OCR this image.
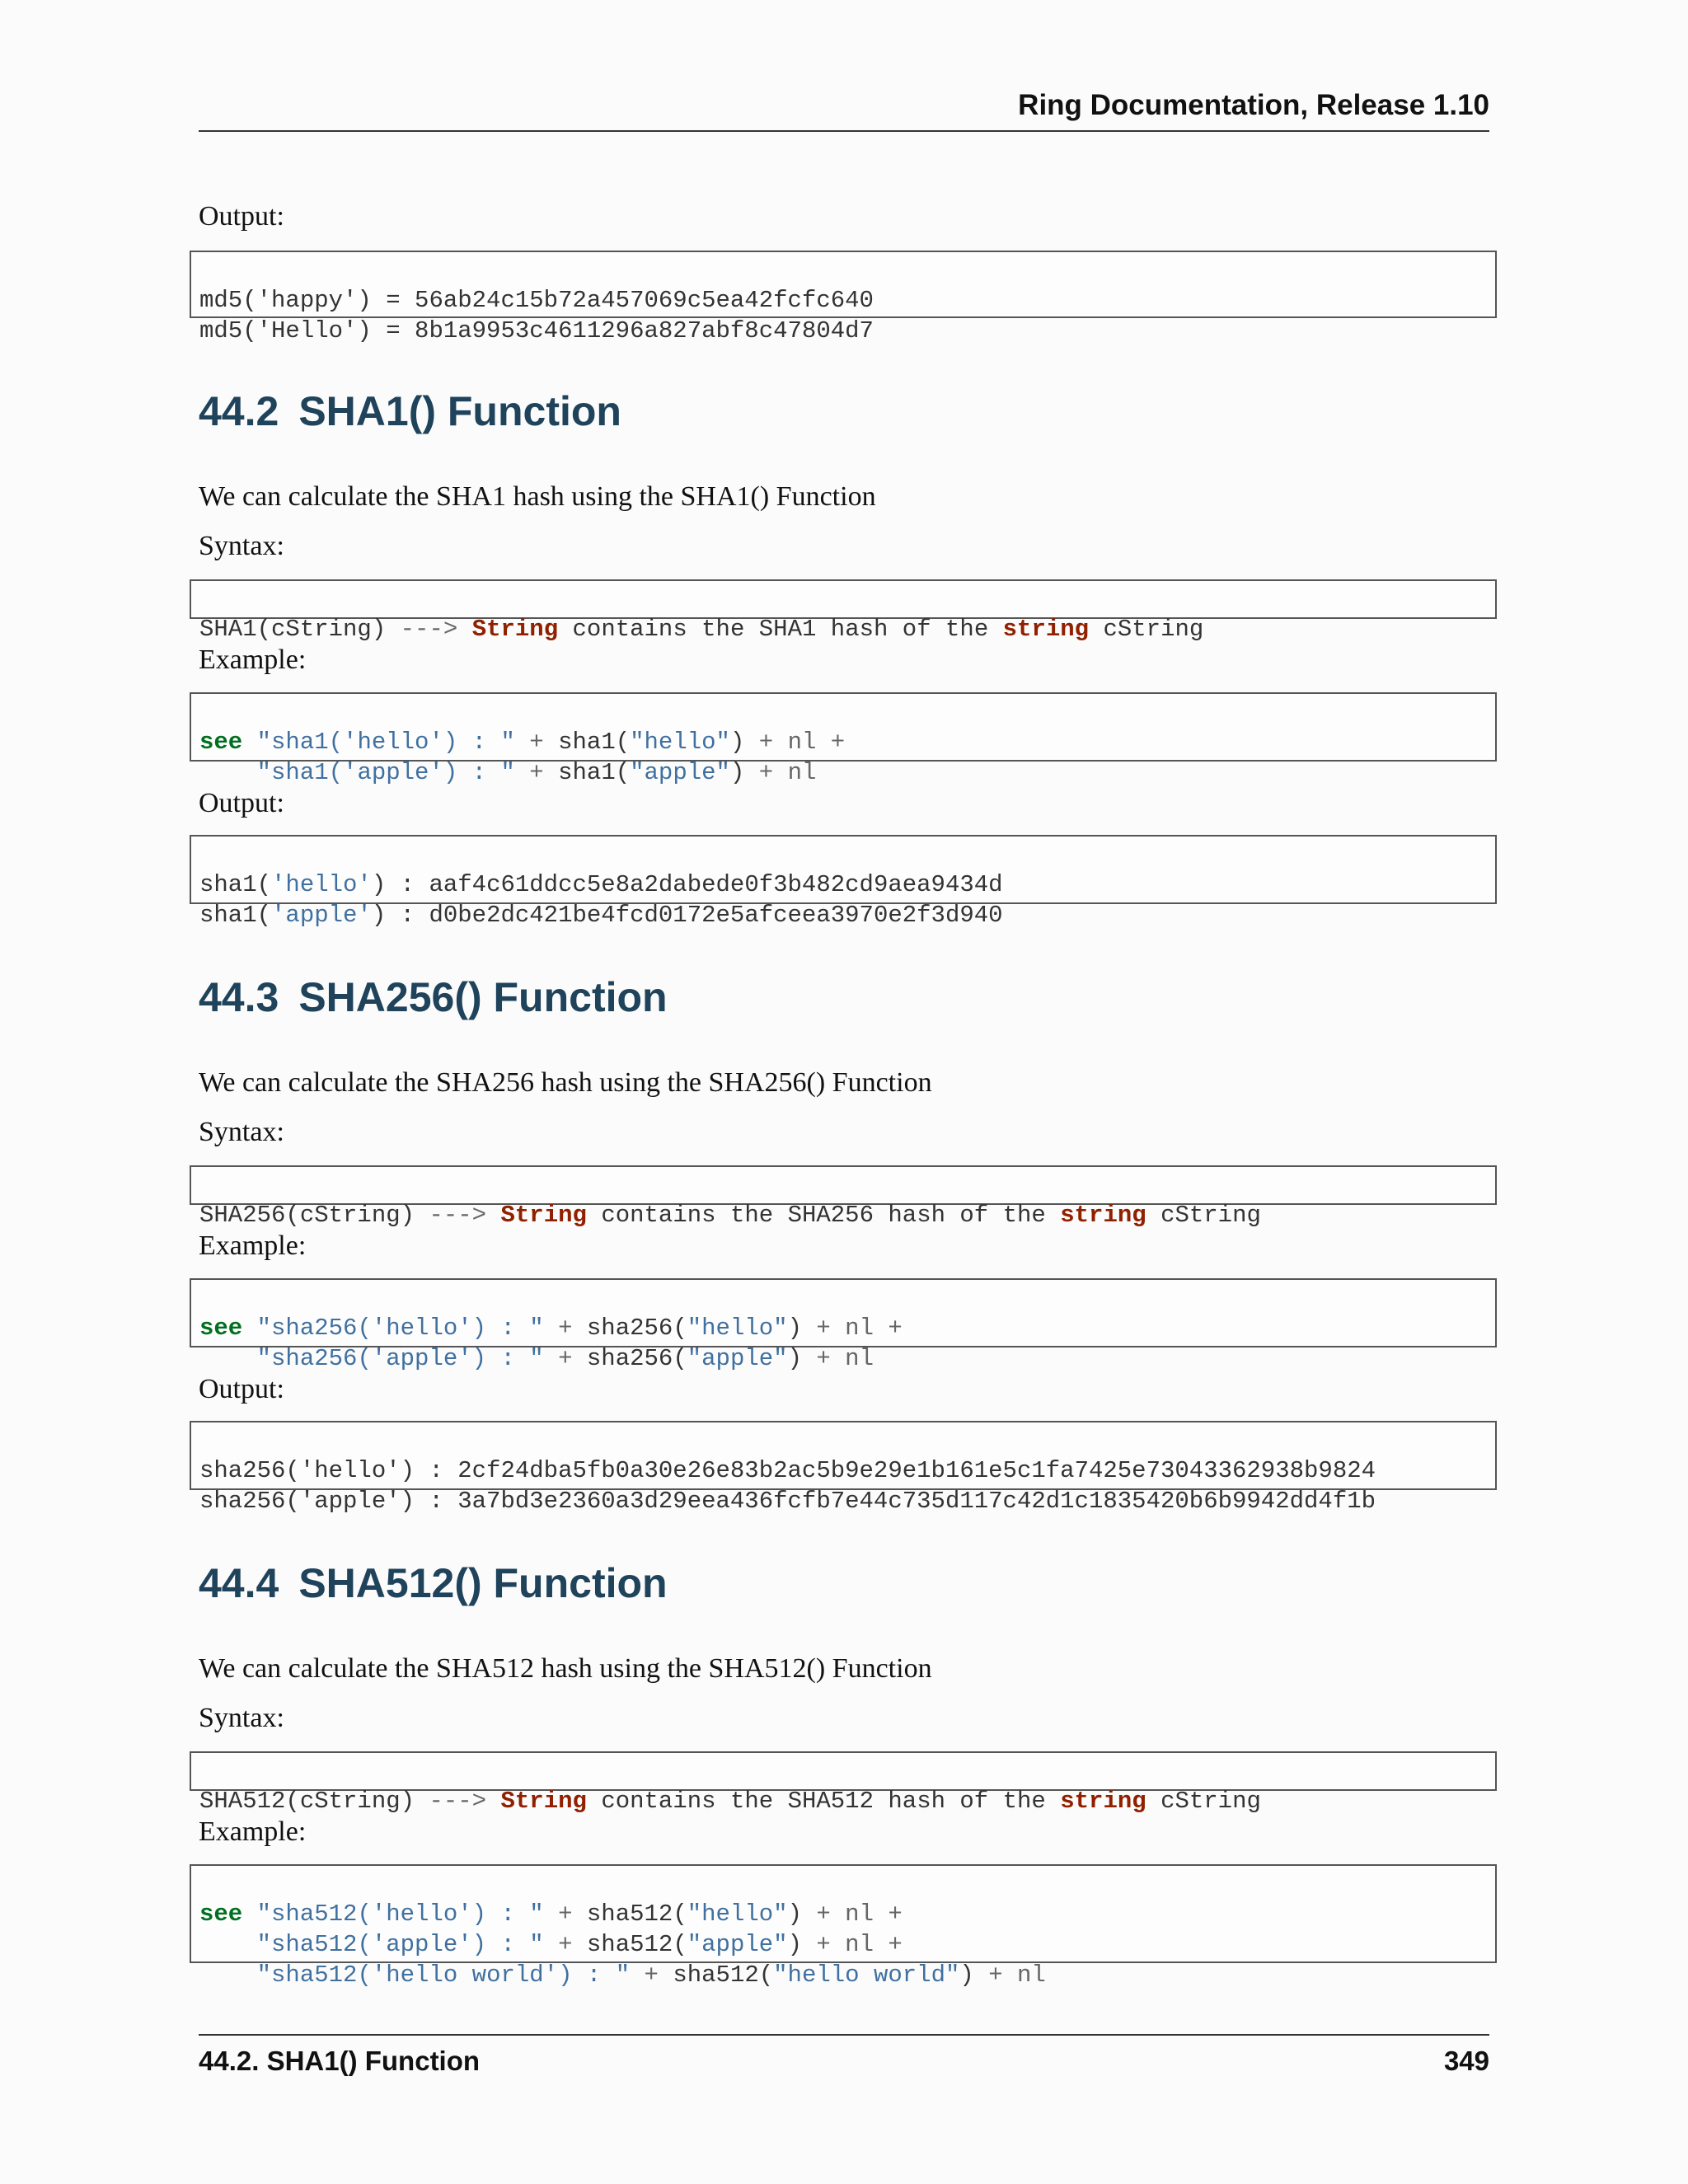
Ring Documentation, Release 1.10

Output:

md5('happy') = 56ab24c15b72a457069c5ea42fcfc640
md5('Hello') = 8b1a9953c4611296a827abf8c47804d7

44.2 SHA1() Function

We can calculate the SHA1 hash using the SHA1() Function

Syntax:

SHA1(cString) ---> String contains the SHA1 hash of the string cString

Example:

see "sha1('hello') : " + sha1("hello") + nl +
"sha1('apple') : " + sha1("apple") + nl

Output:

sha1('hello') : aaf4c61ddcc5e8a2dabede0f3b482cd9aea9434d
sha1('apple') : d0be2dc421be4fcd0172e5afceea3970e2f3d940

44.3 SHA256() Function

We can calculate the SHA256 hash using the SHA256() Function

Syntax:

SHA256(cString) ---> String contains the SHA256 hash of the string cString

Example:

see "sha256('hello') : " + sha256("hello") + nl +
"sha256('apple') : " + sha256("apple") + nl

Output:

sha256('hello') : 2cf24dba5fb0a30e26e83b2ac5b9e29e1b161e5c1fa7425e73043362938b9824
sha256('apple') : 3a7bd3e2360a3d29eea436fcfb7e44c735d117c42d1c1835420b6b9942dd4f1b

44.4 SHA512() Function

We can calculate the SHA512 hash using the SHA512() Function

Syntax:

SHA512(cString) ---> String contains the SHA512 hash of the string cString

Example:

see "sha512('hello') : " + sha512("hello") + nl +
"sha512('apple') : " + sha512("apple") + nl +
"sha512('hello world') : " + sha512("hello world") + nl

44.2. SHA1() Function	349
